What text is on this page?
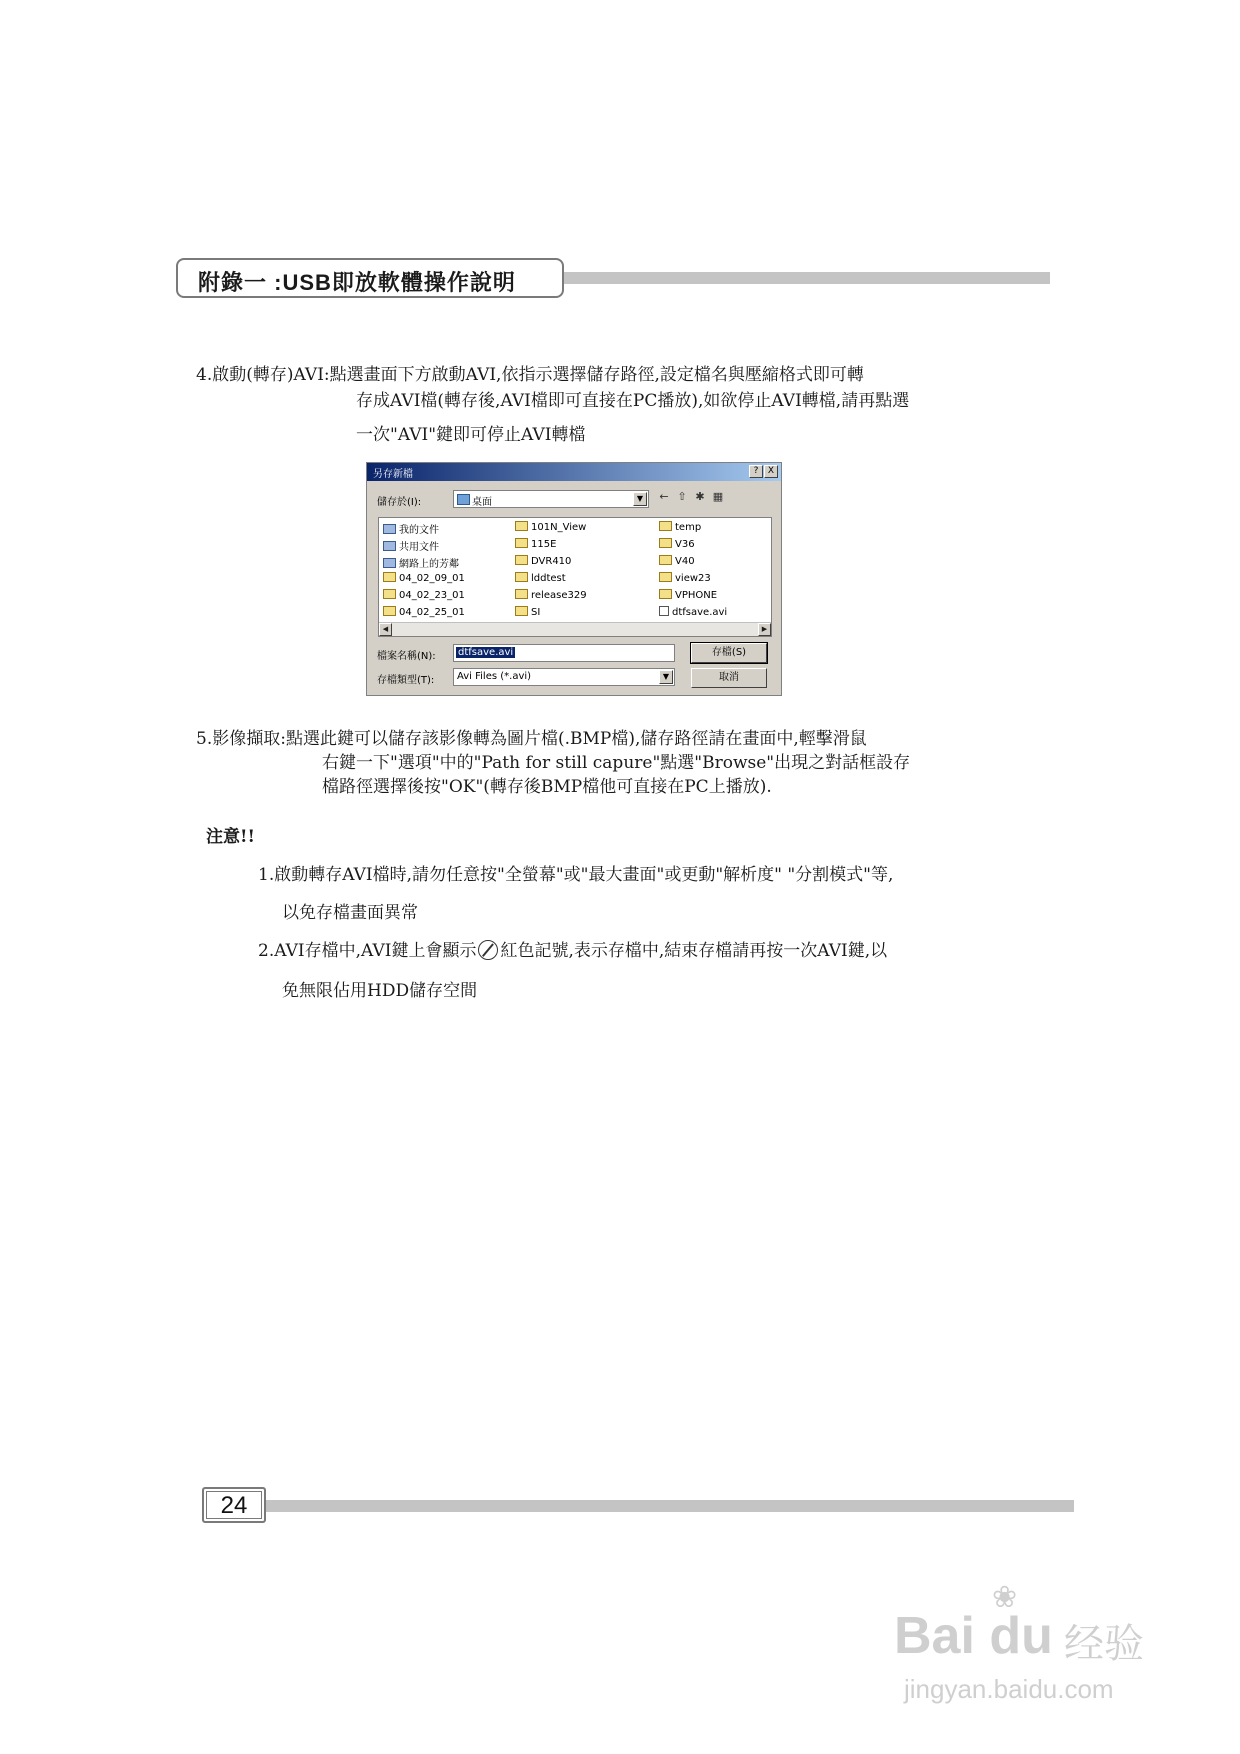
附錄一 :USB即放軟體操作說明
4.啟動(轉存)AVI:點選畫面下方啟動AVI,依指示選擇儲存路徑,設定檔名與壓縮格式即可轉
存成AVI檔(轉存後,AVI檔即可直接在PC播放),如欲停止AVI轉檔,請再點選
一次"AVI"鍵即可停止AVI轉檔
另存新檔	?	X
儲存於(I):	桌面	▼	← ⇧ ✱ ▦
我的文件
共用文件
網路上的芳鄰
04_02_09_01
04_02_23_01
04_02_25_01
101N_View
115E
DVR410
lddtest
release329
SI
temp
V36
V40
view23
VPHONE
dtfsave.avi
◀	▶
檔案名稱(N): dtfsave.avi	存檔(S)
存檔類型(T): Avi Files (*.avi)	▼	取消
5.影像擷取:點選此鍵可以儲存該影像轉為圖片檔(.BMP檔),儲存路徑請在畫面中,輕擊滑鼠
右鍵一下"選項"中的"Path for still capure"點選"Browse"出現之對話框設存
檔路徑選擇後按"OK"(轉存後BMP檔他可直接在PC上播放).
注意!!
1.啟動轉存AVI檔時,請勿任意按"全螢幕"或"最大畫面"或更動"解析度" "分割模式"等,
以免存檔畫面異常
2.AVI存檔中,AVI鍵上會顯示 紅色記號,表示存檔中,結束存檔請再按一次AVI鍵,以
免無限佔用HDD儲存空間
24
❀
Bai du 经验
jingyan.baidu.com
